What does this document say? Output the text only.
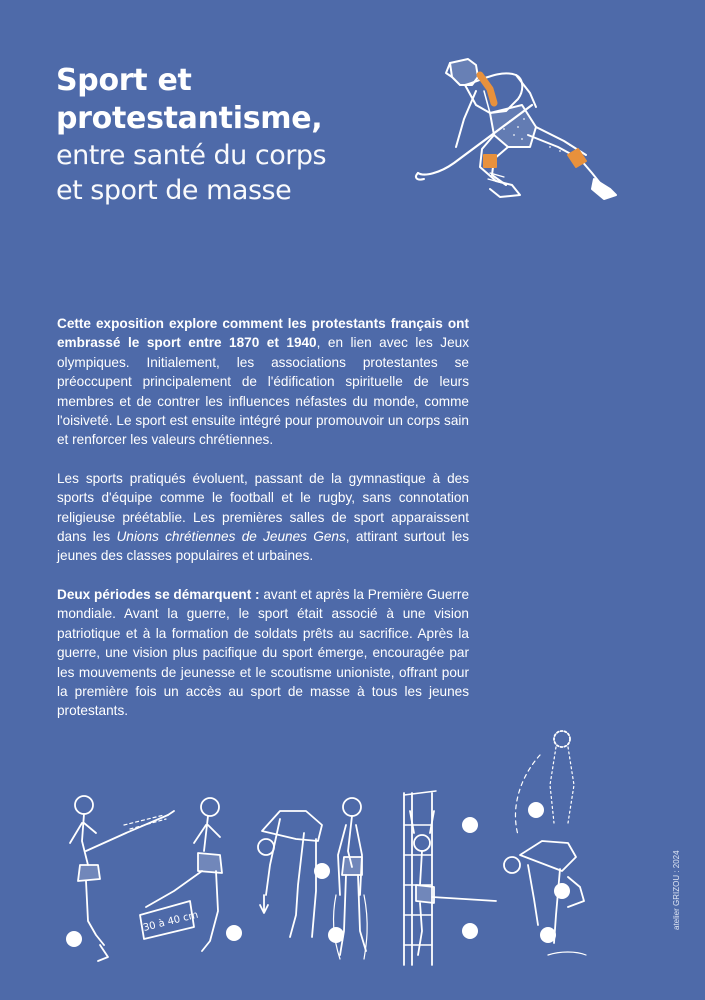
Sport et
protestantisme,
entre santé du corps
et sport de masse

Cette exposition explore comment les protestants français ont embrassé le sport entre 1870 et 1940, en lien avec les Jeux olympiques. Initialement, les associations protestantes se préoccupent principalement de l'édification spirituelle de leurs membres et de contrer les influences néfastes du monde, comme l'oisiveté. Le sport est ensuite intégré pour promouvoir un corps sain et renforcer les valeurs chrétiennes.

Les sports pratiqués évoluent, passant de la gymnastique à des sports d'équipe comme le football et le rugby, sans connotation religieuse préétablie. Les premières salles de sport apparaissent dans les Unions chrétiennes de Jeunes Gens, attirant surtout les jeunes des classes populaires et urbaines.

Deux périodes se démarquent : avant et après la Première Guerre mondiale. Avant la guerre, le sport était associé à une vision patriotique et à la formation de soldats prêts au sacrifice. Après la guerre, une vision plus pacifique du sport émerge, encouragée par les mouvements de jeunesse et le scoutisme unioniste, offrant pour la première fois un accès au sport de masse à tous les jeunes protestants.

30 à 40 cm	atelier GRIZOU : 2024
